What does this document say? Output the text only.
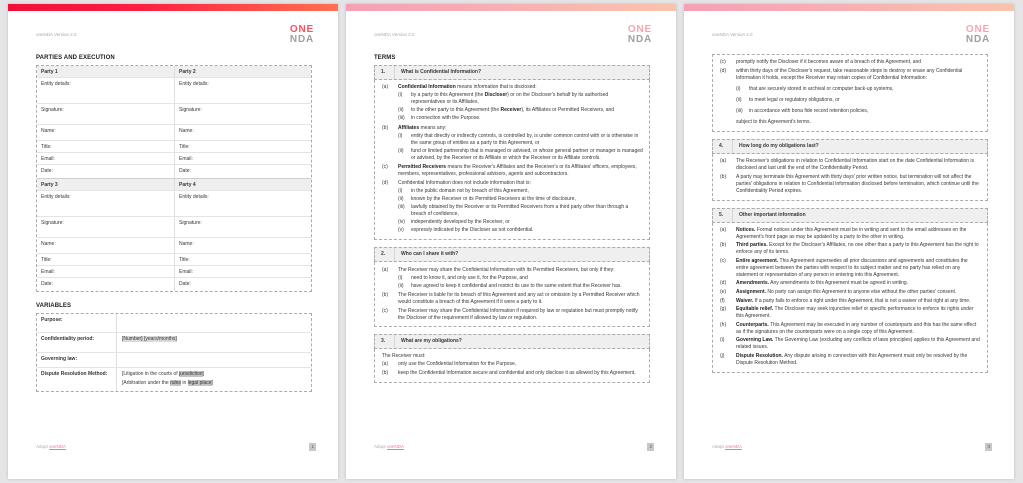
oneNDA Version 2.0	ONE
NDA
PARTIES AND EXECUTION
Party 1	Party 2
Entity details:	Entity details:
Signature:	Signature:
Name:	Name:
Title:	Title:
Email:	Email:
Date:	Date:
Party 3	Party 4
Entity details:	Entity details:
Signature:	Signature:
Name:	Name:
Title:	Title:
Email:	Email:
Date:	Date:
VARIABLES
Purpose:
Confidentiality period:	[Number] [years/months]
Governing law:
Dispute Resolution Method:	[Litigation in the courts of jurisdiction]
[Arbitration under the rules in legal place]
Adopt oneNDA	1
oneNDA Version 2.0	ONE
NDA
TERMS
1.	What is Confidential Information?
(a)	Confidential Information means information that is disclosed:
(i)	by a party to this Agreement (the Discloser) or on the Discloser's behalf by its authorised representatives or its Affiliates,
(ii)	to the other party to this Agreement (the Receiver), its Affiliates or Permitted Receivers, and
(iii)	in connection with the Purpose.
(b)	Affiliates means any:
(i)	entity that directly or indirectly controls, is controlled by, is under common control with or is otherwise in the same group of entities as a party to this Agreement, or
(ii)	fund or limited partnership that is managed or advised, or whose general partner or manager is managed or advised, by the Receiver or its Affiliate or which the Receiver or its Affiliate controls.
(c)	Permitted Receivers means the Receiver's Affiliates and the Receiver's or its Affiliates' officers, employees, members, representatives, professional advisors, agents and subcontractors.
(d)	Confidential Information does not include information that is:
(i)	in the public domain not by breach of this Agreement,
(ii)	known by the Receiver or its Permitted Receivers at the time of disclosure,
(iii)	lawfully obtained by the Receiver or its Permitted Receivers from a third party other than through a breach of confidence,
(iv)	independently developed by the Receiver, or
(v)	expressly indicated by the Discloser as not confidential.
2.	Who can I share it with?
(a)	The Receiver may share the Confidential Information with its Permitted Receivers, but only if they:
(i)	need to know it, and only use it, for the Purpose, and
(ii)	have agreed to keep it confidential and restrict its use to the same extent that the Receiver has.
(b)	The Receiver is liable for its breach of this Agreement and any act or omission by a Permitted Receiver which would constitute a breach of this Agreement if it were a party to it.
(c)	The Receiver may share the Confidential Information if required by law or regulation but must promptly notify the Discloser of the requirement if allowed by law or regulation.
3.	What are my obligations?
The Receiver must:
(a)	only use the Confidential Information for the Purpose,
(b)	keep the Confidential Information secure and confidential and only disclose it as allowed by this Agreement,
Adopt oneNDA	2
oneNDA Version 2.0	ONE
NDA
(c)	promptly notify the Discloser if it becomes aware of a breach of this Agreement, and
(d)	within thirty days of the Discloser's request, take reasonable steps to destroy or erase any Confidential Information it holds, except the Receiver may retain copies of Confidential Information:
(i)	that are securely stored in archival or computer back-up systems,
(ii)	to meet legal or regulatory obligations, or
(iii)	in accordance with bona fide record retention policies,
subject to this Agreement's terms.
4.	How long do my obligations last?
(a)	The Receiver's obligations in relation to Confidential Information start on the date Confidential Information is disclosed and last until the end of the Confidentiality Period.
(b)	A party may terminate this Agreement with thirty days' prior written notice, but termination will not affect the parties' obligations in relation to Confidential Information disclosed before termination, which continue until the Confidentiality Period expires.
5.	Other important information
(a)	Notices. Formal notices under this Agreement must be in writing and sent to the email addresses on the Agreement's front page as may be updated by a party to the other in writing.
(b)	Third parties. Except for the Discloser's Affiliates, no one other than a party to this Agreement has the right to enforce any of its terms.
(c)	Entire agreement. This Agreement supersedes all prior discussions and agreements and constitutes the entire agreement between the parties with respect to its subject matter and no party has relied on any statement or representation of any person in entering into this Agreement.
(d)	Amendments. Any amendments to this Agreement must be agreed in writing.
(e)	Assignment. No party can assign this Agreement to anyone else without the other parties' consent.
(f)	Waiver. If a party fails to enforce a right under this Agreement, that is not a waiver of that right at any time.
(g)	Equitable relief. The Discloser may seek injunctive relief or specific performance to enforce its rights under this Agreement.
(h)	Counterparts. This Agreement may be executed in any number of counterparts and this has the same effect as if the signatures on the counterparts were on a single copy of this Agreement.
(i)	Governing Law. The Governing Law (excluding any conflicts of laws principles) applies to this Agreement and related issues.
(j)	Dispute Resolution. Any dispute arising in connection with this Agreement must only be resolved by the Dispute Resolution Method.
Adopt oneNDA	3
